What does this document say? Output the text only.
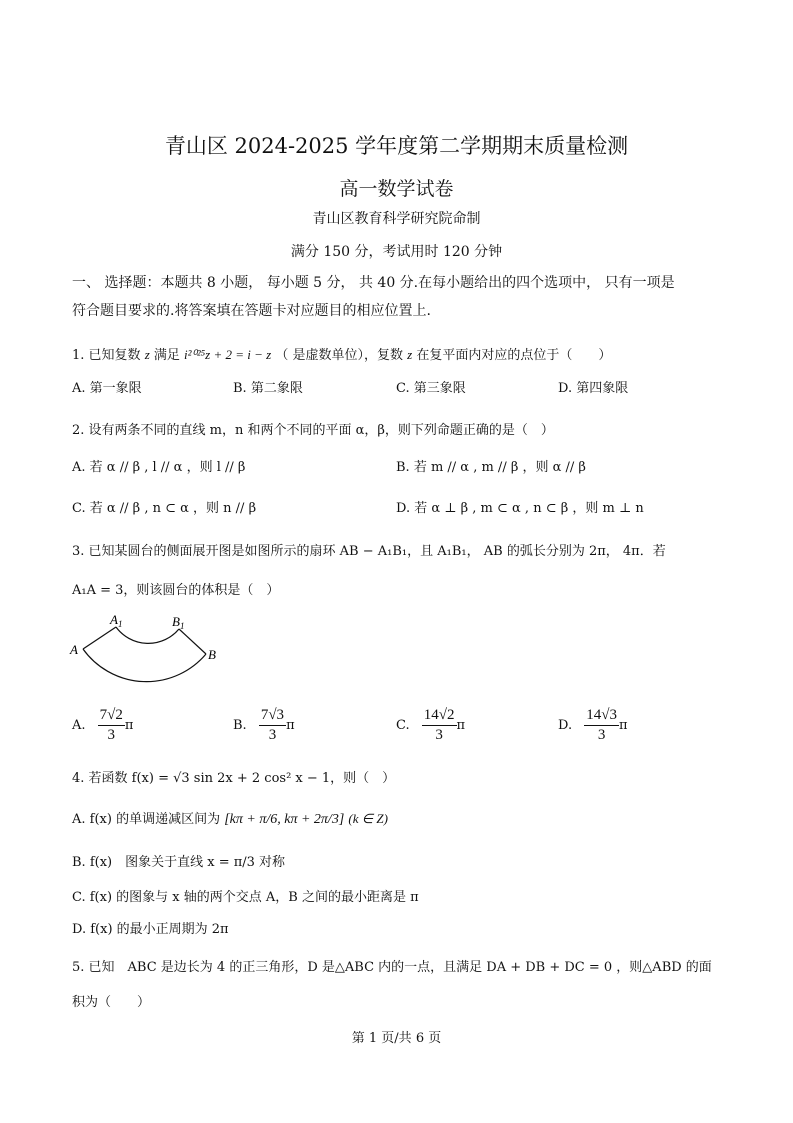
青山区 2024-2025 学年度第二学期期末质量检测
高一数学试卷
青山区教育科学研究院命制
满分 150 分，考试用时 120 分钟
一、 选择题：本题共 8 小题， 每小题 5 分， 共 40 分.在每小题给出的四个选项中， 只有一项是
符合题目要求的.将答案填在答题卡对应题目的相应位置上.
1. 已知复数 z 满足 i²⁰²⁵z + 2 = i − z （ 是虚数单位），复数 z 在复平面内对应的点位于（　　）
A. 第一象限	B. 第二象限	C. 第三象限	D. 第四象限
2. 设有两条不同的直线 m，n 和两个不同的平面 α，β，则下列命题正确的是（　）
A. 若 α // β , l // α ，则 l // β	B. 若 m // α , m // β ，则 α // β
C. 若 α // β , n ⊂ α ，则 n // β	D. 若 α ⊥ β , m ⊂ α , n ⊂ β ，则 m ⊥ n
3. 已知某圆台的侧面展开图是如图所示的扇环 AB − A₁B₁，且 A₁B₁， AB 的弧长分别为 2π， 4π．若
A₁A = 3，则该圆台的体积是（　）
A
$A_1$	$B_1$
B
A. $\frac{7√2}{3}$ π	B. $\frac{7√3}{3}$ π	C. $\frac{14√2}{3}$ π	D. $\frac{14√3}{3}$ π
4. 若函数 f(x) = √3 sin 2x + 2 cos² x − 1，则（　）
A. f(x) 的单调递减区间为 [kπ + π/6, kπ + 2π/3] (k ∈ Z)
B. f(x)　图象关于直线 x = π/3 对称
C. f(x) 的图象与 x 轴的两个交点 A，B 之间的最小距离是 π
D. f(x) 的最小正周期为 2π
5. 已知　ABC 是边长为 4 的正三角形，D 是△ABC 内的一点，且满足 DA + DB + DC = 0 ，则△ABD 的面
积为（　　）
第 1 页/共 6 页
